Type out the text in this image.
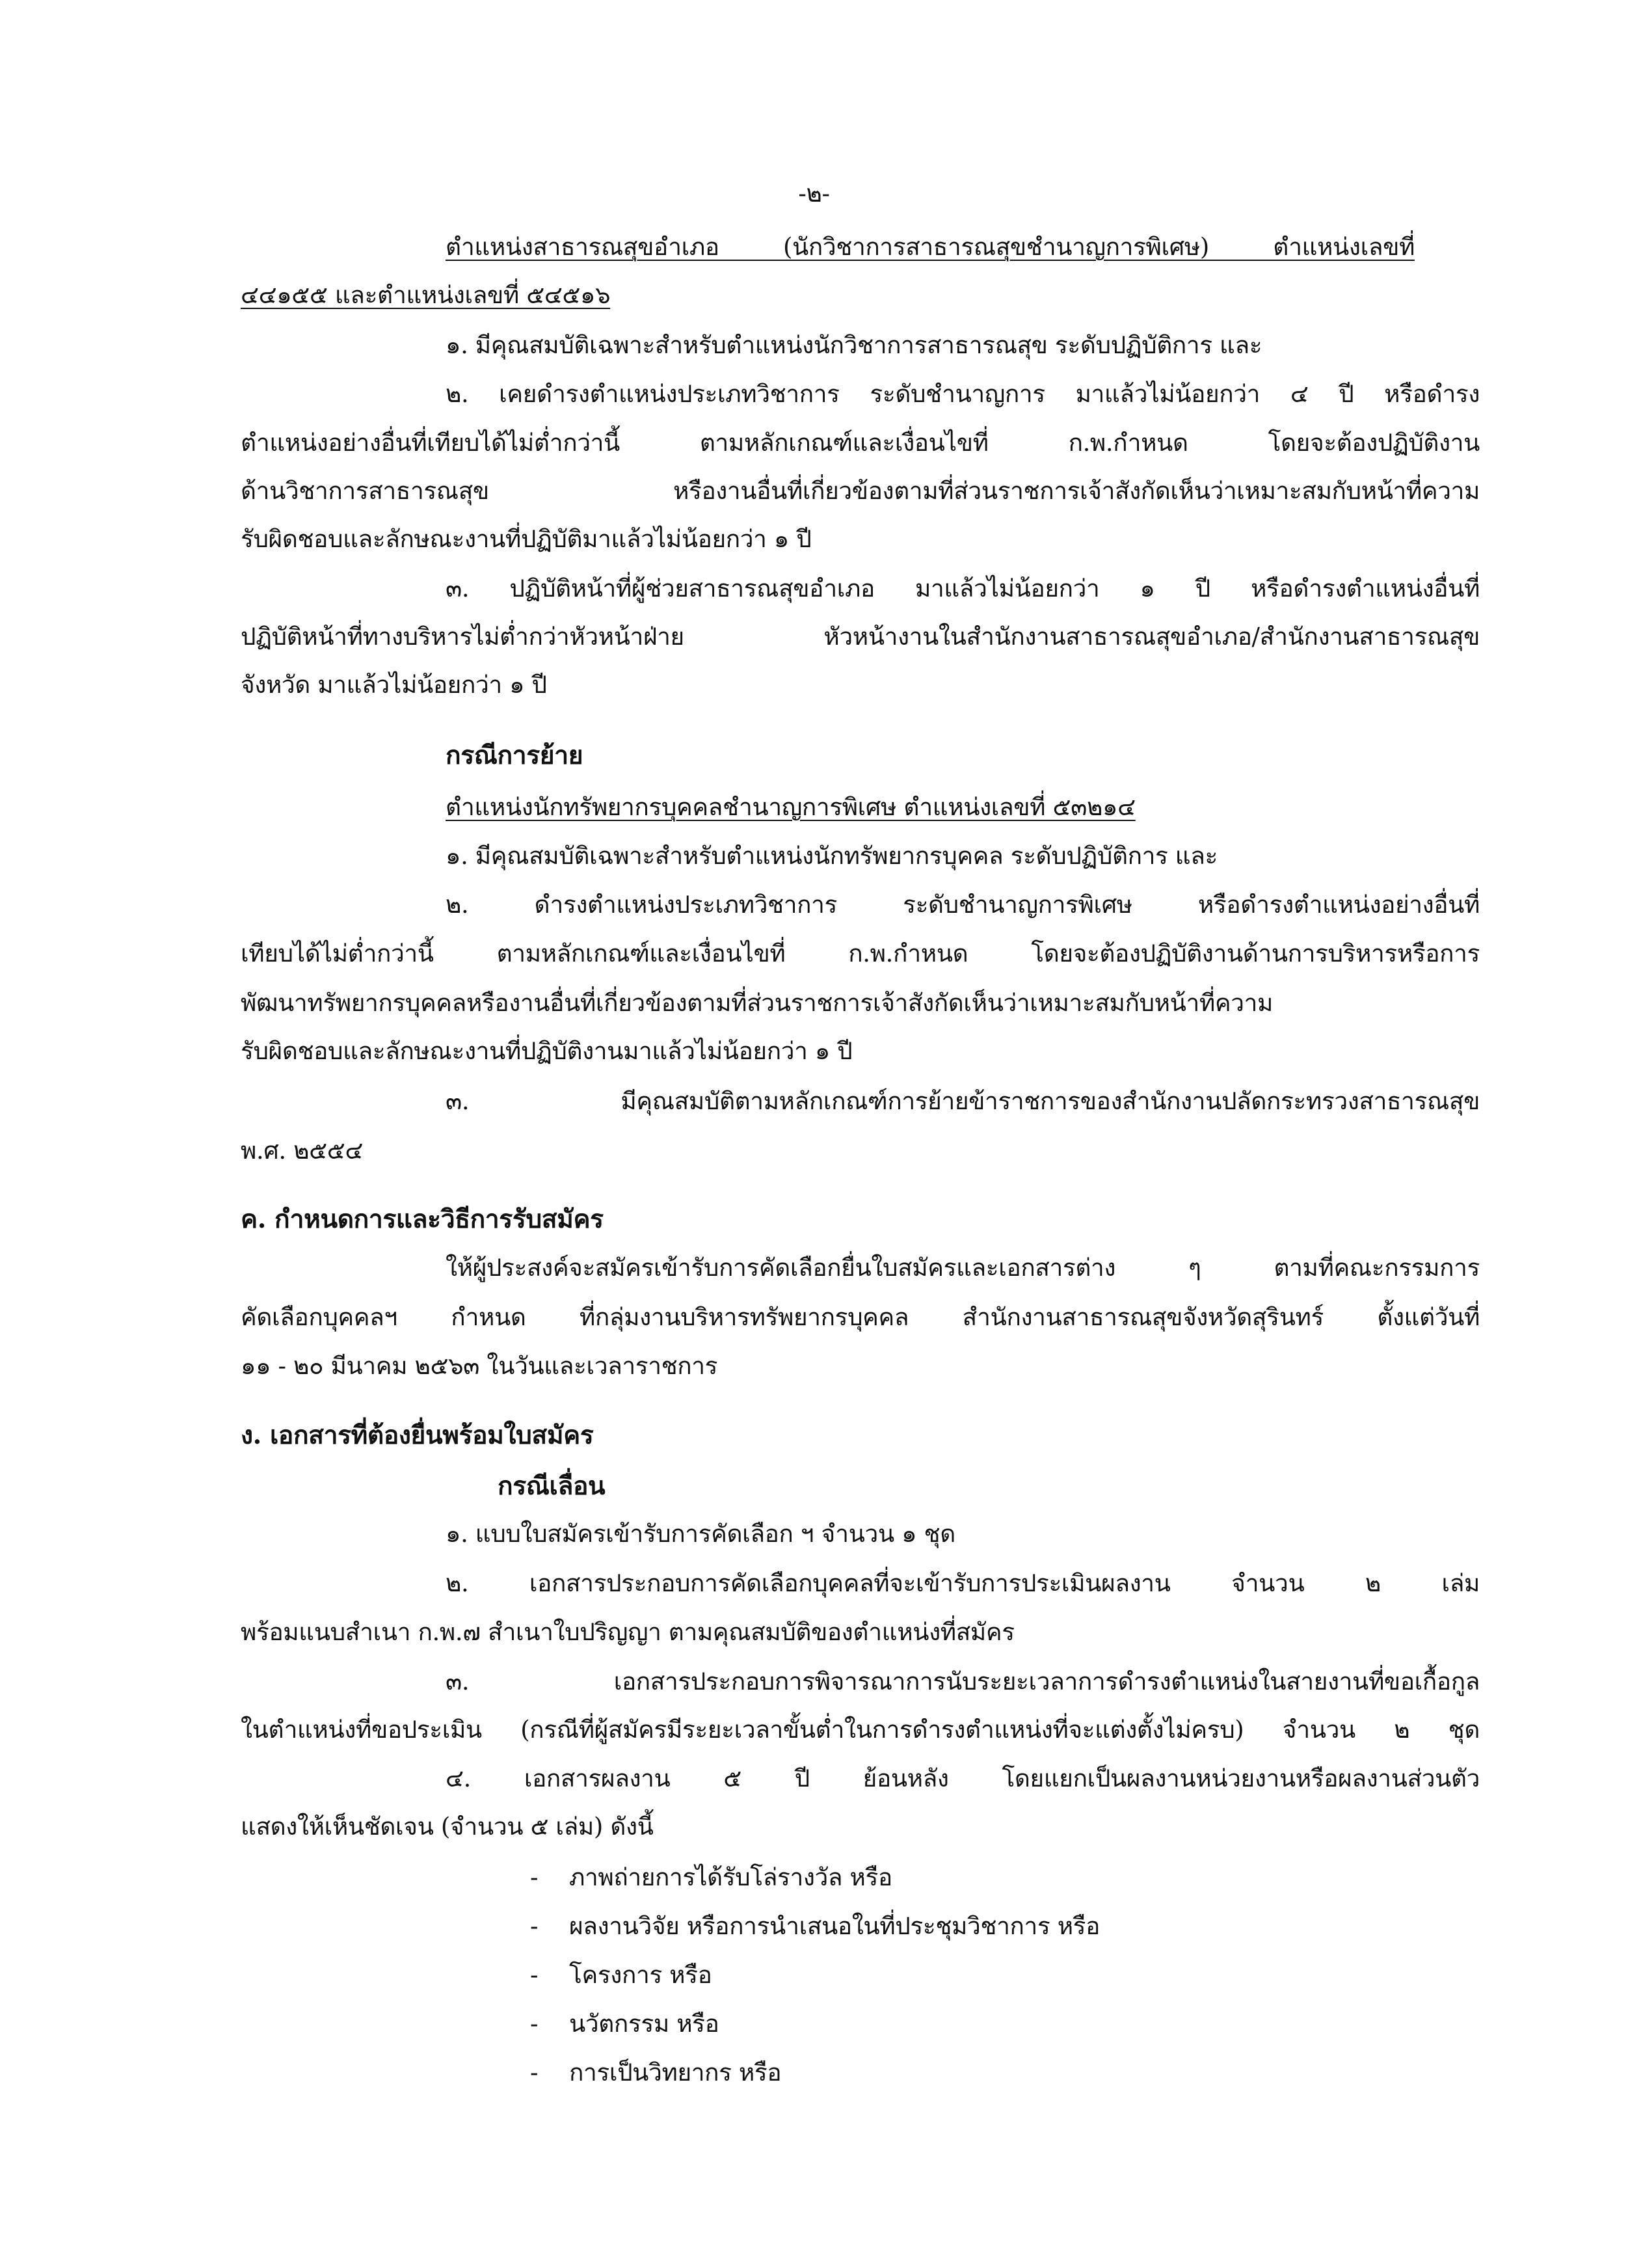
-๒-
ตำแหน่งสาธารณสุขอำเภอ (นักวิชาการสาธารณสุขชำนาญการพิเศษ) ตำแหน่งเลขที่
๔๔๑๕๕ และตำแหน่งเลขที่ ๕๔๕๑๖
๑. มีคุณสมบัติเฉพาะสำหรับตำแหน่งนักวิชาการสาธารณสุข ระดับปฏิบัติการ และ
๒. เคยดำรงตำแหน่งประเภทวิชาการ ระดับชำนาญการ มาแล้วไม่น้อยกว่า ๔ ปี หรือดำรง
ตำแหน่งอย่างอื่นที่เทียบได้ไม่ต่ำกว่านี้ ตามหลักเกณฑ์และเงื่อนไขที่ ก.พ.กำหนด โดยจะต้องปฏิบัติงาน
ด้านวิชาการสาธารณสุข หรืองานอื่นที่เกี่ยวข้องตามที่ส่วนราชการเจ้าสังกัดเห็นว่าเหมาะสมกับหน้าที่ความ
รับผิดชอบและลักษณะงานที่ปฏิบัติมาแล้วไม่น้อยกว่า ๑ ปี
๓. ปฏิบัติหน้าที่ผู้ช่วยสาธารณสุขอำเภอ มาแล้วไม่น้อยกว่า ๑ ปี หรือดำรงตำแหน่งอื่นที่
ปฏิบัติหน้าที่ทางบริหารไม่ต่ำกว่าหัวหน้าฝ่าย หัวหน้างานในสำนักงานสาธารณสุขอำเภอ/สำนักงานสาธารณสุข
จังหวัด มาแล้วไม่น้อยกว่า ๑ ปี
กรณีการย้าย
ตำแหน่งนักทรัพยากรบุคคลชำนาญการพิเศษ ตำแหน่งเลขที่ ๕๓๒๑๔
๑. มีคุณสมบัติเฉพาะสำหรับตำแหน่งนักทรัพยากรบุคคล ระดับปฏิบัติการ และ
๒. ดำรงตำแหน่งประเภทวิชาการ ระดับชำนาญการพิเศษ หรือดำรงตำแหน่งอย่างอื่นที่
เทียบได้ไม่ต่ำกว่านี้ ตามหลักเกณฑ์และเงื่อนไขที่ ก.พ.กำหนด โดยจะต้องปฏิบัติงานด้านการบริหารหรือการ
พัฒนาทรัพยากรบุคคลหรืองานอื่นที่เกี่ยวข้องตามที่ส่วนราชการเจ้าสังกัดเห็นว่าเหมาะสมกับหน้าที่ความ
รับผิดชอบและลักษณะงานที่ปฏิบัติงานมาแล้วไม่น้อยกว่า ๑ ปี
๓. มีคุณสมบัติตามหลักเกณฑ์การย้ายข้าราชการของสำนักงานปลัดกระทรวงสาธารณสุข
พ.ศ. ๒๕๕๔
ค. กำหนดการและวิธีการรับสมัคร
ให้ผู้ประสงค์จะสมัครเข้ารับการคัดเลือกยื่นใบสมัครและเอกสารต่าง ๆ ตามที่คณะกรรมการ
คัดเลือกบุคคลฯ กำหนด ที่กลุ่มงานบริหารทรัพยากรบุคคล สำนักงานสาธารณสุขจังหวัดสุรินทร์ ตั้งแต่วันที่
๑๑ - ๒๐ มีนาคม ๒๕๖๓ ในวันและเวลาราชการ
ง. เอกสารที่ต้องยื่นพร้อมใบสมัคร
กรณีเลื่อน
๑. แบบใบสมัครเข้ารับการคัดเลือก ฯ จำนวน ๑ ชุด
๒. เอกสารประกอบการคัดเลือกบุคคลที่จะเข้ารับการประเมินผลงาน จำนวน ๒ เล่ม
พร้อมแนบสำเนา ก.พ.๗ สำเนาใบปริญญา ตามคุณสมบัติของตำแหน่งที่สมัคร
๓. เอกสารประกอบการพิจารณาการนับระยะเวลาการดำรงตำแหน่งในสายงานที่ขอเกื้อกูล
ในตำแหน่งที่ขอประเมิน (กรณีที่ผู้สมัครมีระยะเวลาขั้นต่ำในการดำรงตำแหน่งที่จะแต่งตั้งไม่ครบ) จำนวน ๒ ชุด
๔. เอกสารผลงาน ๕ ปี ย้อนหลัง โดยแยกเป็นผลงานหน่วยงานหรือผลงานส่วนตัว
แสดงให้เห็นชัดเจน (จำนวน ๕ เล่ม) ดังนี้
- ภาพถ่ายการได้รับโล่รางวัล หรือ
- ผลงานวิจัย หรือการนำเสนอในที่ประชุมวิชาการ หรือ
- โครงการ หรือ
- นวัตกรรม หรือ
- การเป็นวิทยากร หรือ
